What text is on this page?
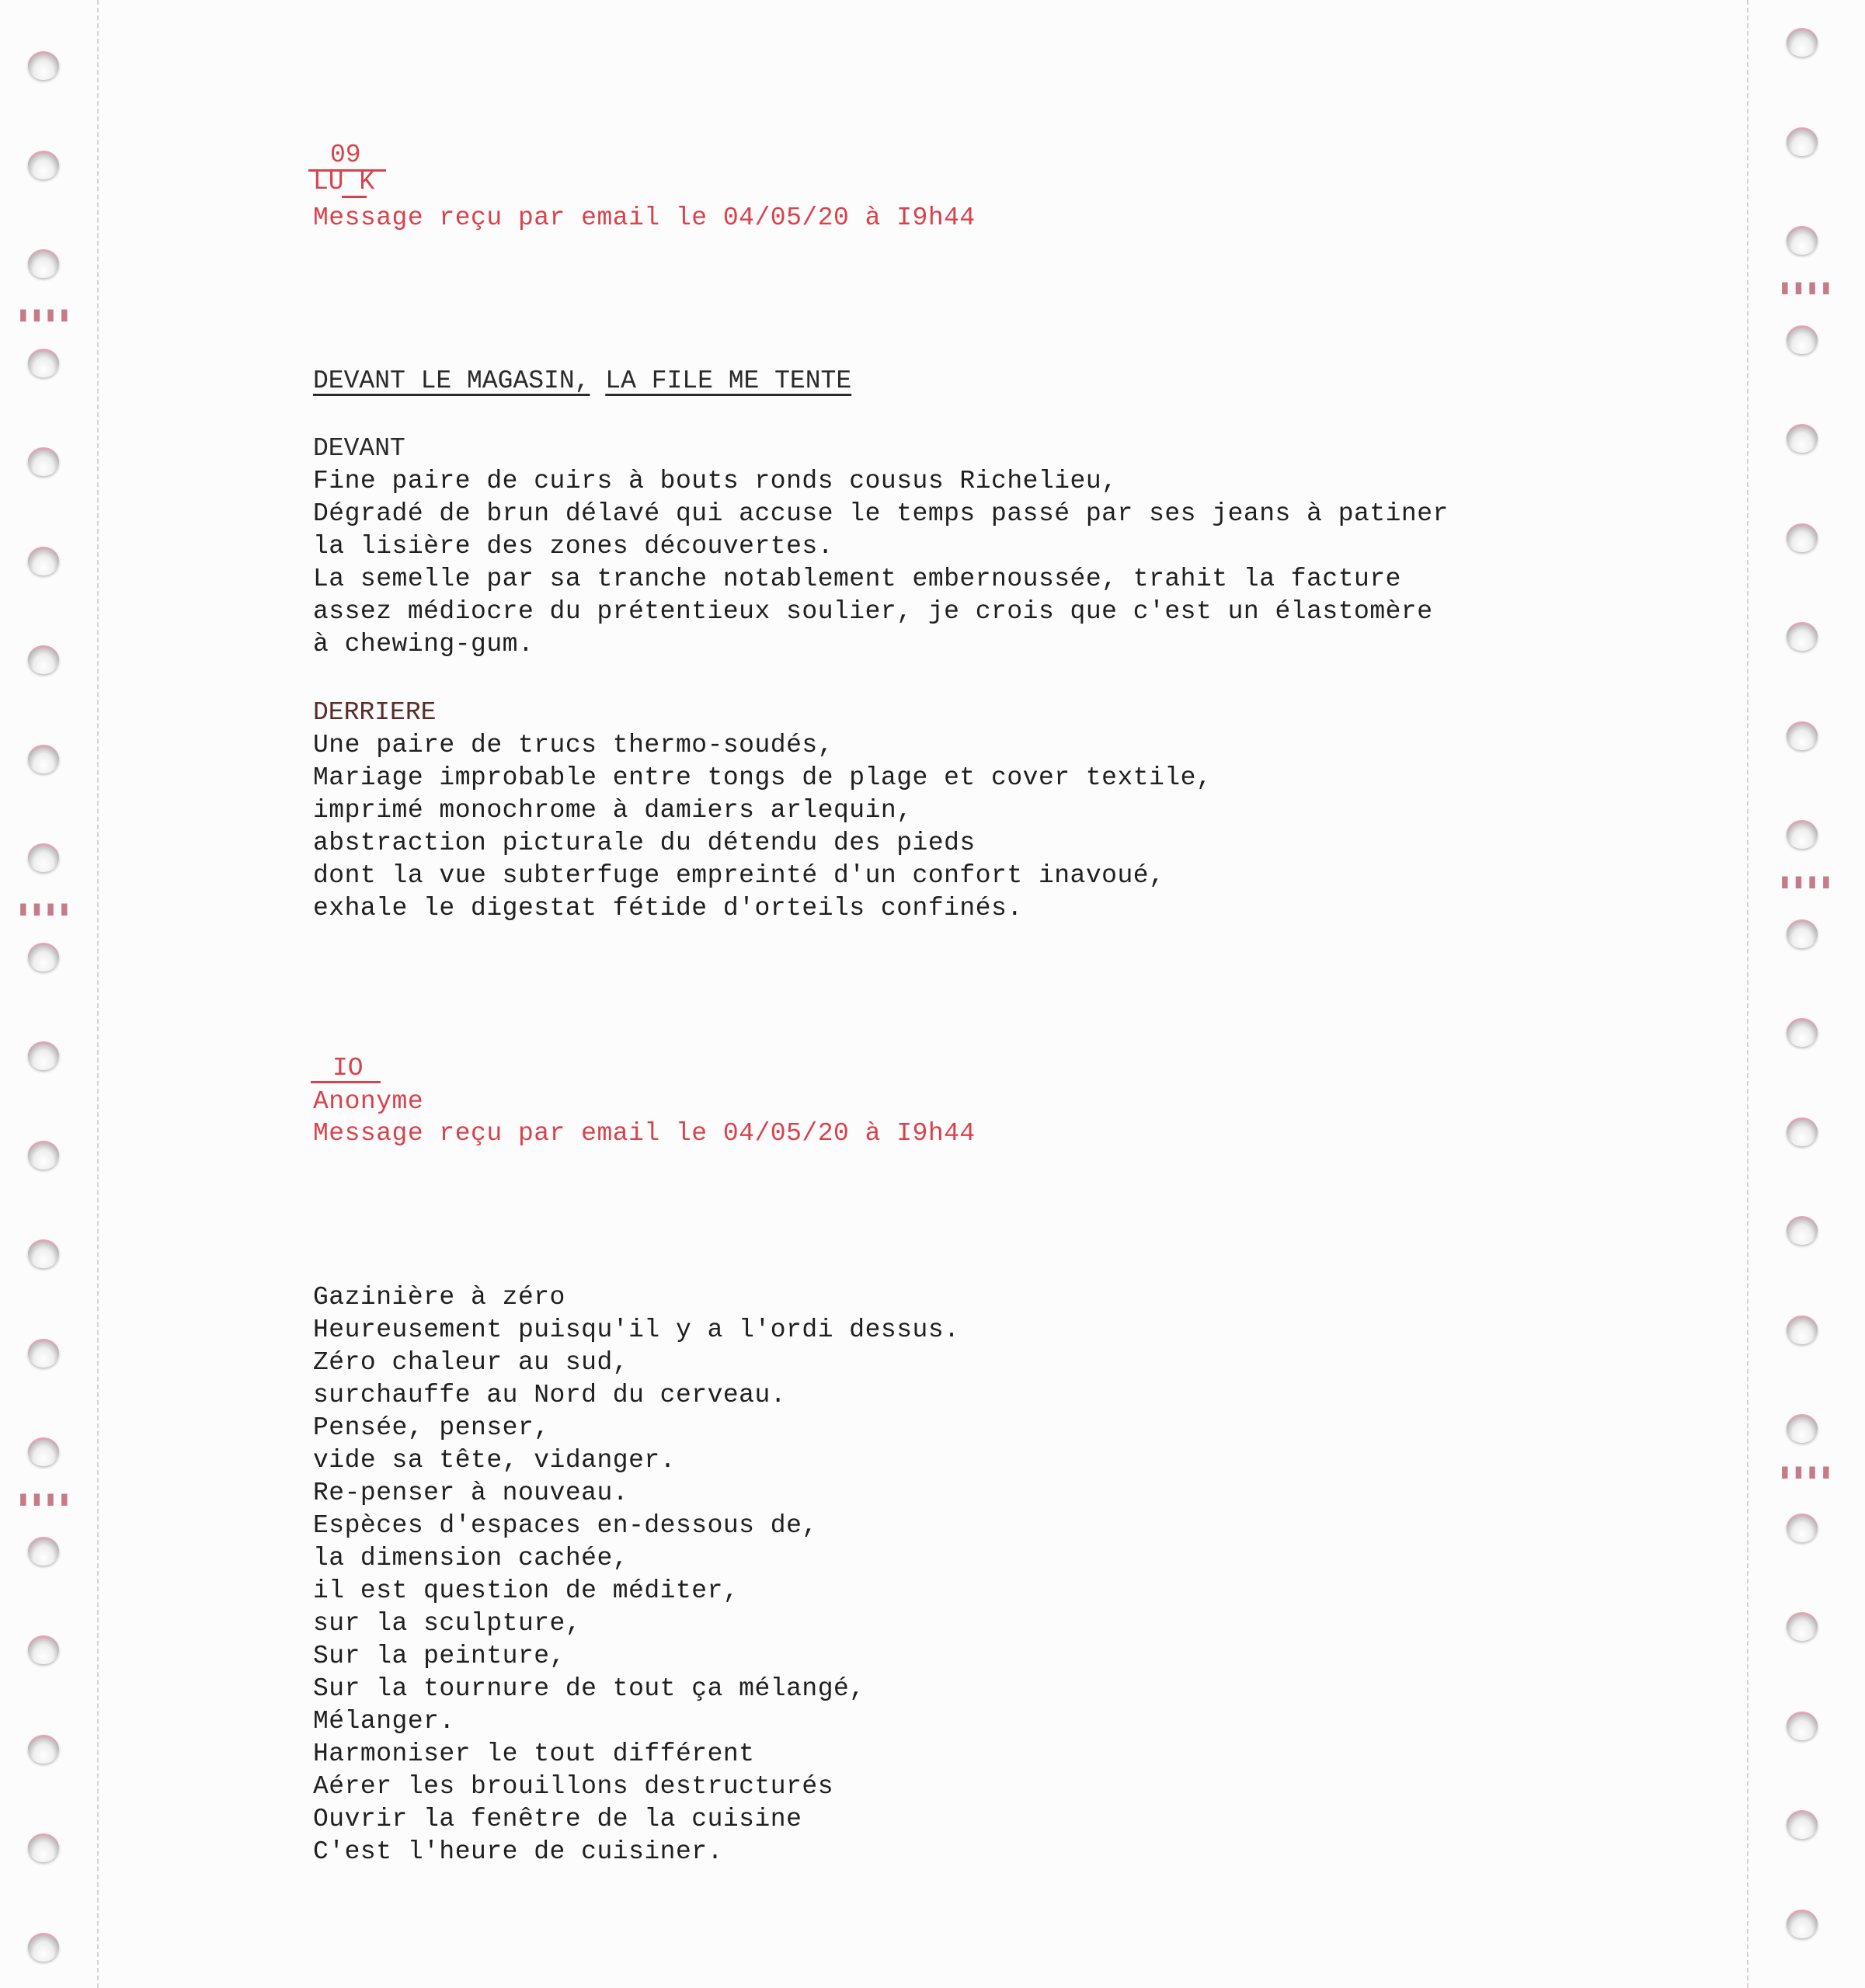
▮▮▮▮
▮▮▮▮
▮▮▮▮
▮▮▮▮
▮▮▮▮
▮▮▮▮
09
LU K
Message reçu par email le 04/05/20 à I9h44
DEVANT LE MAGASIN, LA FILE ME TENTE
DEVANT
Fine paire de cuirs à bouts ronds cousus Richelieu,
Dégradé de brun délavé qui accuse le temps passé par ses jeans à patiner
la lisière des zones découvertes.
La semelle par sa tranche notablement embernoussée, trahit la facture
assez médiocre du prétentieux soulier, je crois que c'est un élastomère
à chewing-gum.
DERRIERE
Une paire de trucs thermo-soudés,
Mariage improbable entre tongs de plage et cover textile,
imprimé monochrome à damiers arlequin,
abstraction picturale du détendu des pieds
dont la vue subterfuge empreinté d'un confort inavoué,
exhale le digestat fétide d'orteils confinés.
IO
Anonyme
Message reçu par email le 04/05/20 à I9h44
Gazinière à zéro
Heureusement puisqu'il y a l'ordi dessus.
Zéro chaleur au sud,
surchauffe au Nord du cerveau.
Pensée, penser,
vide sa tête, vidanger.
Re-penser à nouveau.
Espèces d'espaces en-dessous de,
la dimension cachée,
il est question de méditer,
sur la sculpture,
Sur la peinture,
Sur la tournure de tout ça mélangé,
Mélanger.
Harmoniser le tout différent
Aérer les brouillons destructurés
Ouvrir la fenêtre de la cuisine
C'est l'heure de cuisiner.
